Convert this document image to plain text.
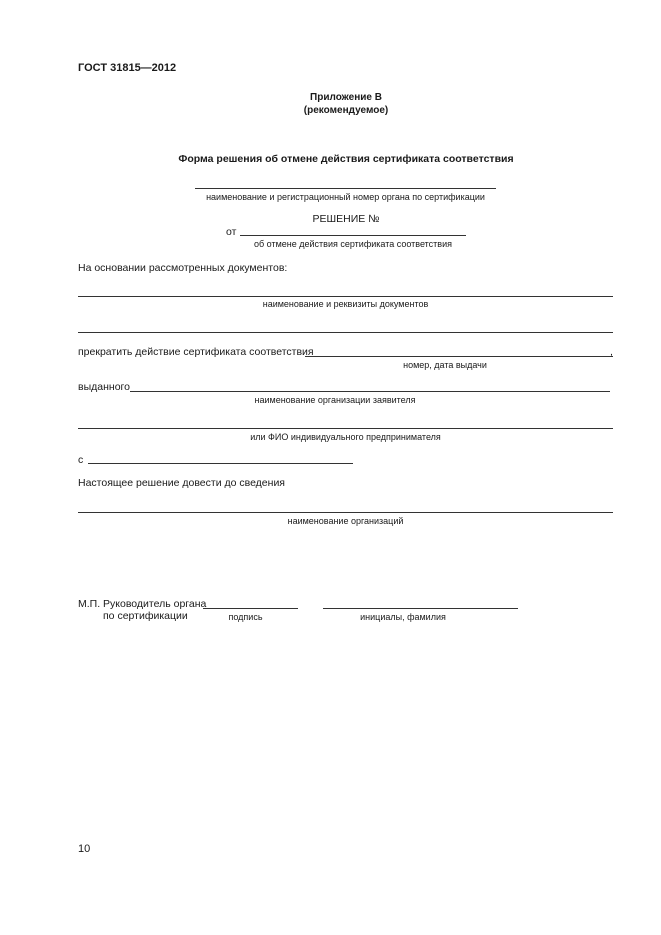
ГОСТ 31815—2012
Приложение В
(рекомендуемое)
Форма решения об отмене действия сертификата соответствия
наименование и регистрационный номер органа по сертификации
РЕШЕНИЕ №
от
об отмене действия сертификата соответствия
На основании рассмотренных документов:
наименование и реквизиты документов
прекратить действие сертификата соответствия	,
номер, дата выдачи
выданного
наименование организации заявителя
или ФИО индивидуального предпринимателя
с
Настоящее решение довести до сведения
наименование организаций
М.П. Руководитель органа
по сертификации	подпись	инициалы, фамилия
10
